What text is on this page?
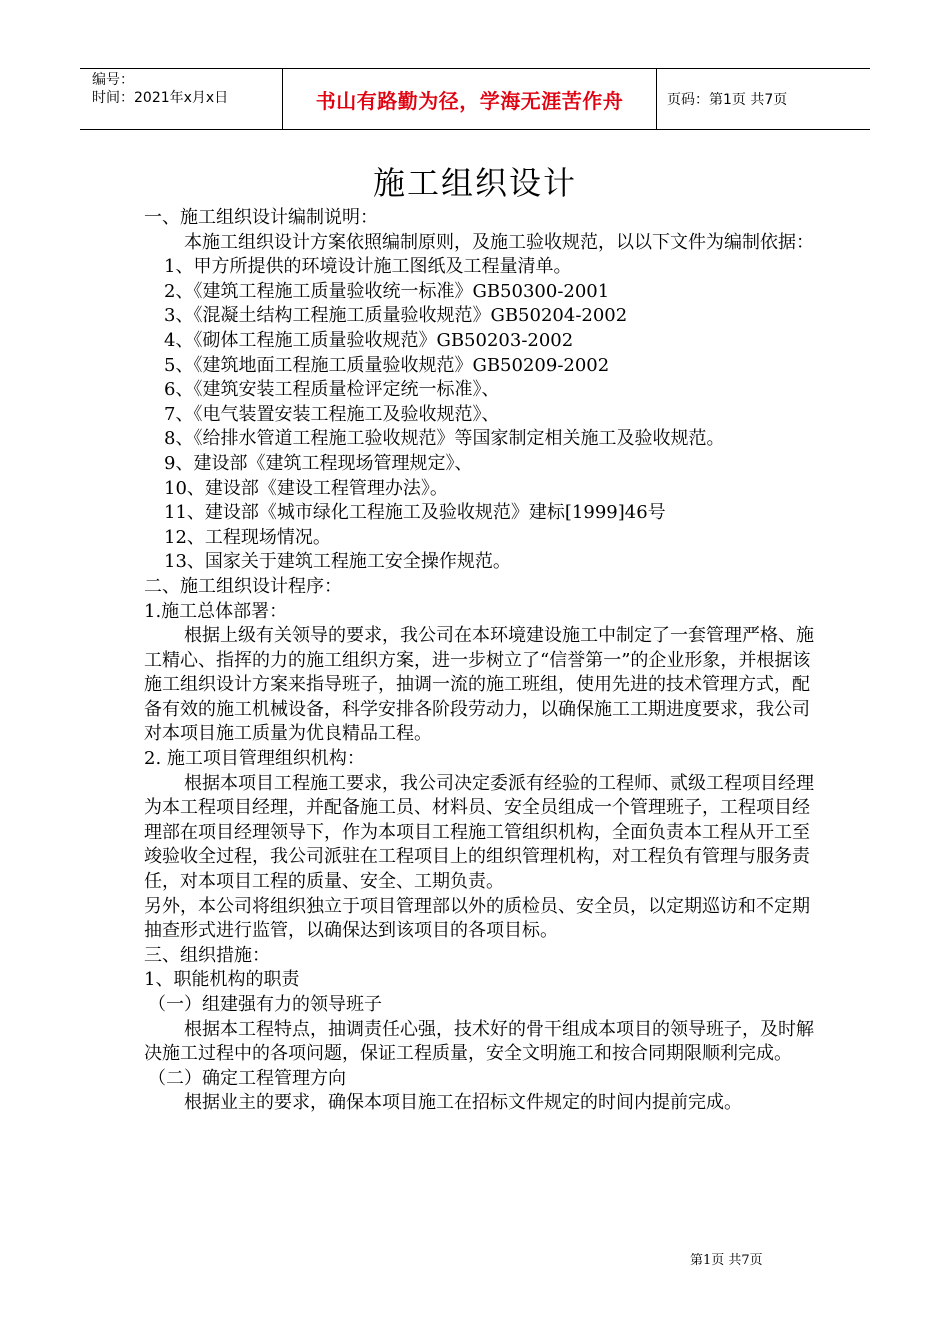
编号：
时间：2021年x月x日	书山有路勤为径，学海无涯苦作舟	页码：第1页 共7页
施工组织设计

一、施工组织设计编制说明：

本施工组织设计方案依照编制原则，及施工验收规范，以以下文件为编制依据：

1、甲方所提供的环境设计施工图纸及工程量清单。

2、《建筑工程施工质量验收统一标准》GB50300-2001

3、《混凝土结构工程施工质量验收规范》GB50204-2002

4、《砌体工程施工质量验收规范》GB50203-2002

5、《建筑地面工程施工质量验收规范》GB50209-2002

6、《建筑安装工程质量检评定统一标准》、

7、《电气装置安装工程施工及验收规范》、

8、《给排水管道工程施工验收规范》等国家制定相关施工及验收规范。

9、建设部《建筑工程现场管理规定》、

10、建设部《建设工程管理办法》。

11、建设部《城市绿化工程施工及验收规范》建标[1999]46号

12、工程现场情况。

13、国家关于建筑工程施工安全操作规范。

二、施工组织设计程序：

1.施工总体部署：

根据上级有关领导的要求，我公司在本环境建设施工中制定了一套管理严格、施工精心、指挥的力的施工组织方案，进一步树立了“信誉第一”的企业形象，并根据该施工组织设计方案来指导班子，抽调一流的施工班组，使用先进的技术管理方式，配备有效的施工机械设备，科学安排各阶段劳动力，以确保施工工期进度要求，我公司对本项目施工质量为优良精品工程。

2. 施工项目管理组织机构：

根据本项目工程施工要求，我公司决定委派有经验的工程师、贰级工程项目经理为本工程项目经理，并配备施工员、材料员、安全员组成一个管理班子，工程项目经理部在项目经理领导下，作为本项目工程施工管组织机构，全面负责本工程从开工至竣验收全过程，我公司派驻在工程项目上的组织管理机构，对工程负有管理与服务责任，对本项目工程的质量、安全、工期负责。

另外，本公司将组织独立于项目管理部以外的质检员、安全员，以定期巡访和不定期抽查形式进行监管，以确保达到该项目的各项目标。

三、组织措施：

1、职能机构的职责

（一）组建强有力的领导班子

根据本工程特点，抽调责任心强，技术好的骨干组成本项目的领导班子，及时解决施工过程中的各项问题，保证工程质量，安全文明施工和按合同期限顺利完成。

（二）确定工程管理方向

根据业主的要求，确保本项目施工在招标文件规定的时间内提前完成。

第1页 共7页
